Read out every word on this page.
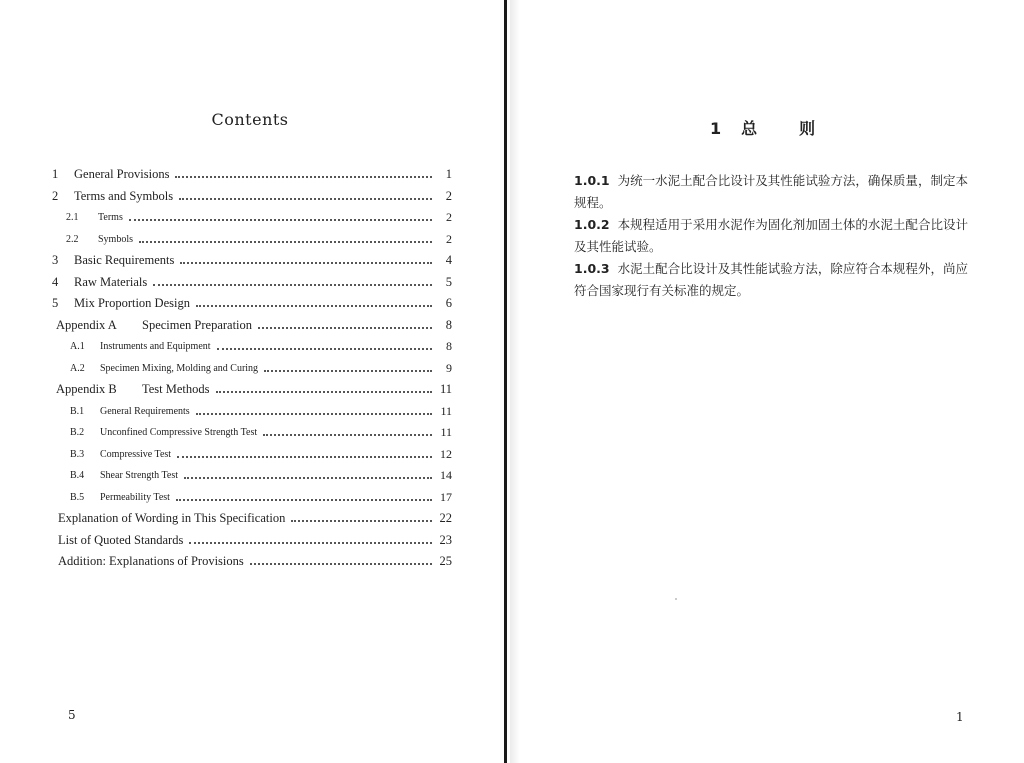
Contents
1	General Provisions	1
2	Terms and Symbols	2
2.1	Terms	2
2.2	Symbols	2
3	Basic Requirements	4
4	Raw Materials	5
5	Mix Proportion Design	6
Appendix A	Specimen Preparation	8
A.1	Instruments and Equipment	8
A.2	Specimen Mixing, Molding and Curing	9
Appendix B	Test Methods	11
B.1	General Requirements	11
B.2	Unconfined Compressive Strength Test	11
B.3	Compressive Test	12
B.4	Shear Strength Test	14
B.5	Permeability Test	17
Explanation of Wording in This Specification	22
List of Quoted Standards	23
Addition: Explanations of Provisions	25
5
1 总	则
1.0.1 为统一水泥土配合比设计及其性能试验方法，确保质量，制定本规程。
1.0.2 本规程适用于采用水泥作为固化剂加固土体的水泥土配合比设计及其性能试验。
1.0.3 水泥土配合比设计及其性能试验方法，除应符合本规程外，尚应符合国家现行有关标准的规定。
1
